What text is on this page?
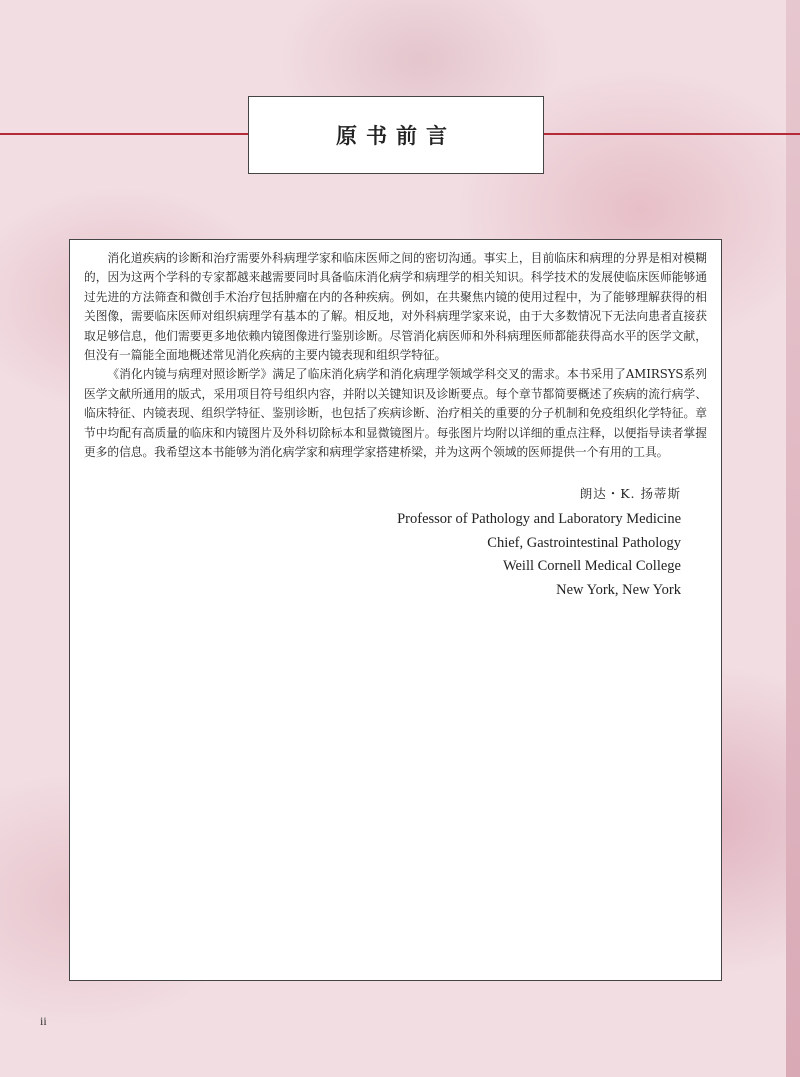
原书前言

消化道疾病的诊断和治疗需要外科病理学家和临床医师之间的密切沟通。事实上，目前临床和病理的分界是相对模糊的，因为这两个学科的专家都越来越需要同时具备临床消化病学和病理学的相关知识。科学技术的发展使临床医师能够通过先进的方法筛查和微创手术治疗包括肿瘤在内的各种疾病。例如，在共聚焦内镜的使用过程中，为了能够理解获得的相关图像，需要临床医师对组织病理学有基本的了解。相反地，对外科病理学家来说，由于大多数情况下无法向患者直接获取足够信息，他们需要更多地依赖内镜图像进行鉴别诊断。尽管消化病医师和外科病理医师都能获得高水平的医学文献，但没有一篇能全面地概述常见消化疾病的主要内镜表现和组织学特征。

《消化内镜与病理对照诊断学》满足了临床消化病学和消化病理学领域学科交叉的需求。本书采用了AMIRSYS系列医学文献所通用的版式，采用项目符号组织内容，并附以关键知识及诊断要点。每个章节都简要概述了疾病的流行病学、临床特征、内镜表现、组织学特征、鉴别诊断，也包括了疾病诊断、治疗相关的重要的分子机制和免疫组织化学特征。章节中均配有高质量的临床和内镜图片及外科切除标本和显微镜图片。每张图片均附以详细的重点注释，以便指导读者掌握更多的信息。我希望这本书能够为消化病学家和病理学家搭建桥梁，并为这两个领域的医师提供一个有用的工具。

朗达・K. 扬蒂斯
Professor of Pathology and Laboratory Medicine
Chief, Gastrointestinal Pathology
Weill Cornell Medical College
New York, New York
ii
